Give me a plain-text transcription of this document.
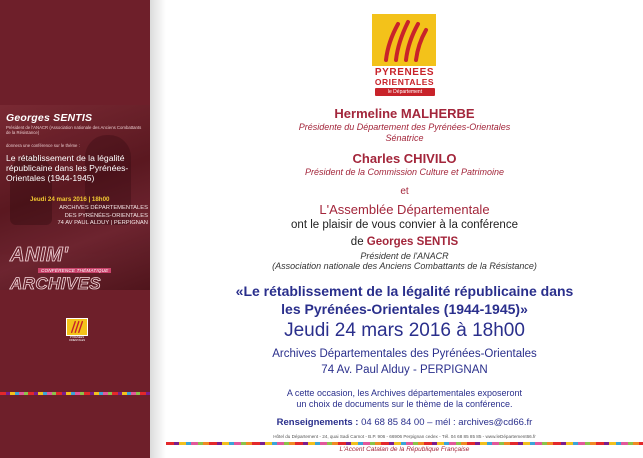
Georges SENTIS
Président de l'ANACR (Association nationale des Anciens Combattants de la Résistance)
donnera une conférence sur le thème :
Le rétablissement de la légalité républicaine dans les Pyrénées-Orientales (1944-1945)
Jeudi 24 mars 2016 | 18h00
ARCHIVES DÉPARTEMENTALES
DES PYRÉNÉES-ORIENTALES
74 AV PAUL ALDUY | PERPIGNAN
ANIM'
CONFÉRENCE THÉMATIQUE
ARCHIVES
PYRÉNÉES
ORIENTALES
PYRENEES
ORIENTALES
le Département
Hermeline MALHERBE
Présidente du Département des Pyrénées-Orientales
Sénatrice
Charles CHIVILO
Président de la Commission Culture et Patrimoine
et
L'Assemblée Départementale
ont le plaisir de vous convier à la conférence
de Georges SENTIS
Président de l'ANACR
(Association nationale des Anciens Combattants de la Résistance)
«Le rétablissement de la légalité républicaine dans
les Pyrénées-Orientales (1944-1945)»
Jeudi 24 mars 2016 à 18h00
Archives Départementales des Pyrénées-Orientales
74 Av. Paul Alduy - PERPIGNAN
A cette occasion, les Archives départementales exposeront
un choix de documents sur le thème de la conférence.
Renseignements : 04 68 85 84 00 – mél : archives@cd66.fr
Hôtel du Département - 24, quai Sadi Carnot - B.P. 906 - 66906 Perpignan cedex - Tél. 04 68 85 85 85 - www.leDépartement66.fr
L'Accent Catalan de la République Française
